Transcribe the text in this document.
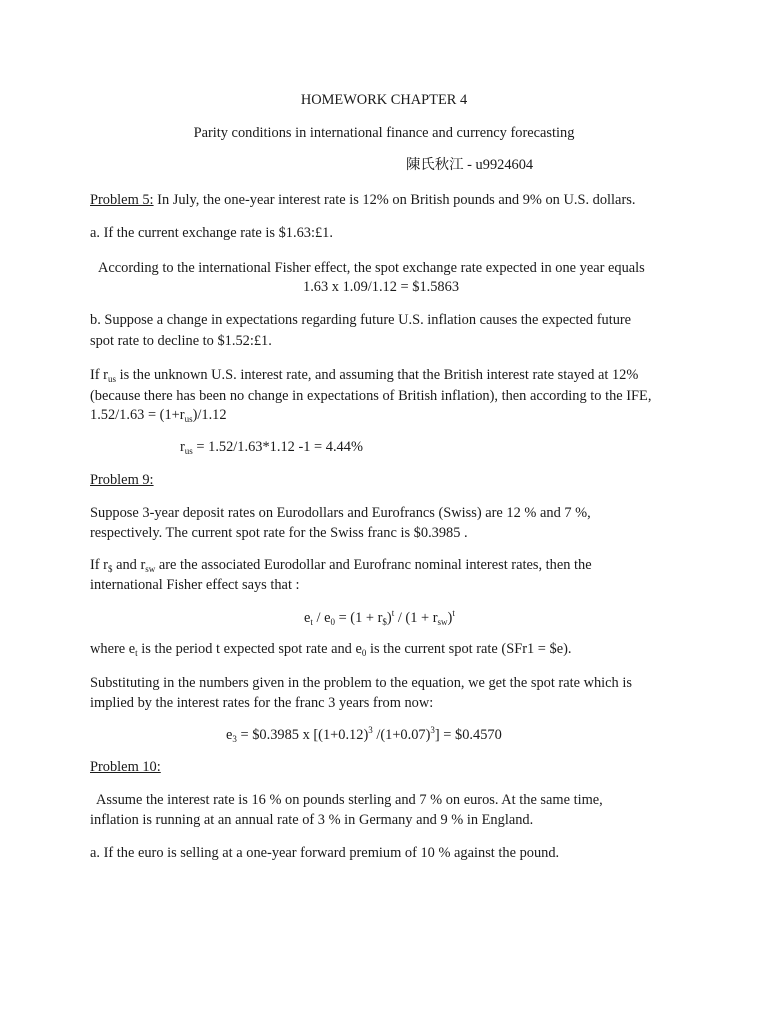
HOMEWORK CHAPTER 4
Parity conditions in international finance and currency forecasting
陳氏秋江 - u9924604
Problem 5: In July, the one-year interest rate is 12% on British pounds and 9% on U.S. dollars.
a. If the current exchange rate is $1.63:£1.
According to the international Fisher effect, the spot exchange rate expected in one year equals
1.63 x 1.09/1.12 = $1.5863
b. Suppose a change in expectations regarding future U.S. inflation causes the expected future
spot rate to decline to $1.52:£1.
If $r_{us}$ is the unknown U.S. interest rate, and assuming that the British interest rate stayed at 12%
(because there has been no change in expectations of British inflation), then according to the IFE,
$1.52/1.63 = (1+r_{us})/1.12$
$r_{us} = 1.52/1.63*1.12$ -1 = 4.44%
Problem 9:
Suppose 3-year deposit rates on Eurodollars and Eurofrancs (Swiss) are 12 % and 7 %,
respectively. The current spot rate for the Swiss franc is $0.3985 .
If $r_{\$}$ and $r_{sw}$ are the associated Eurodollar and Eurofranc nominal interest rates, then the
international Fisher effect says that :
$e_t / e_0 = (1 + r_{\$})^t / (1 + r_{sw})^t$
where $e_t$ is the period t expected spot rate and $e_0$ is the current spot rate (SFr1 = $e).
Substituting in the numbers given in the problem to the equation, we get the spot rate which is
implied by the interest rates for the franc 3 years from now:
$e_3$ = $0.3985 x [$(1+0.12)^3$ $/(1+0.07)^3$] = $0.4570
Problem 10:
Assume the interest rate is 16 % on pounds sterling and 7 % on euros. At the same time,
inflation is running at an annual rate of 3 % in Germany and 9 % in England.
a. If the euro is selling at a one-year forward premium of 10 % against the pound.
